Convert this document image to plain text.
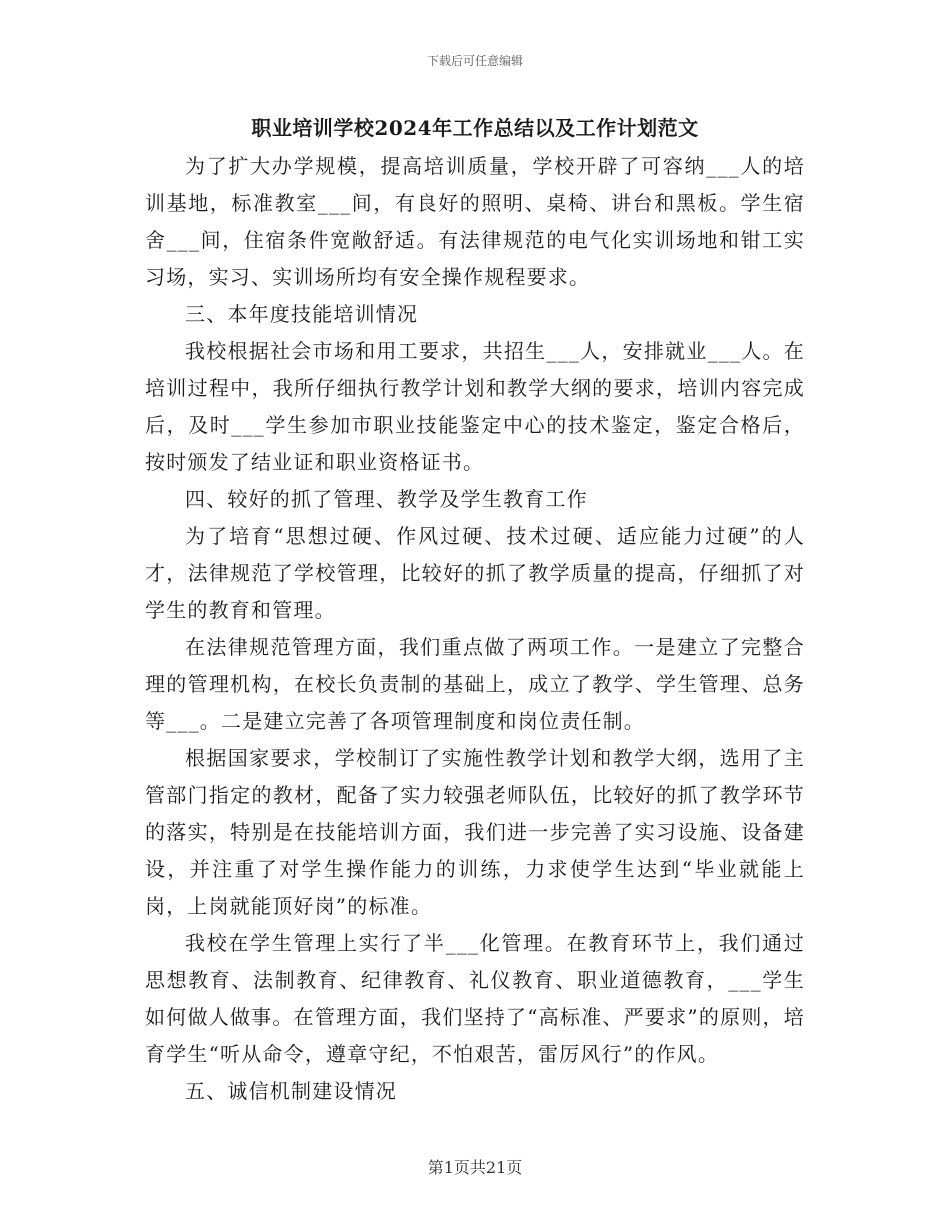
下载后可任意编辑
职业培训学校2024年工作总结以及工作计划范文

为了扩大办学规模，提高培训质量，学校开辟了可容纳___人的培训基地，标准教室___间，有良好的照明、桌椅、讲台和黑板。学生宿舍___间，住宿条件宽敞舒适。有法律规范的电气化实训场地和钳工实习场，实习、实训场所均有安全操作规程要求。

三、本年度技能培训情况

我校根据社会市场和用工要求，共招生___人，安排就业___人。在培训过程中，我所仔细执行教学计划和教学大纲的要求，培训内容完成后，及时___学生参加市职业技能鉴定中心的技术鉴定，鉴定合格后，按时颁发了结业证和职业资格证书。

四、较好的抓了管理、教学及学生教育工作

为了培育“思想过硬、作风过硬、技术过硬、适应能力过硬”的人才，法律规范了学校管理，比较好的抓了教学质量的提高，仔细抓了对学生的教育和管理。

在法律规范管理方面，我们重点做了两项工作。一是建立了完整合理的管理机构，在校长负责制的基础上，成立了教学、学生管理、总务等___。二是建立完善了各项管理制度和岗位责任制。

根据国家要求，学校制订了实施性教学计划和教学大纲，选用了主管部门指定的教材，配备了实力较强老师队伍，比较好的抓了教学环节的落实，特别是在技能培训方面，我们进一步完善了实习设施、设备建设，并注重了对学生操作能力的训练，力求使学生达到“毕业就能上岗，上岗就能顶好岗”的标准。

我校在学生管理上实行了半___化管理。在教育环节上，我们通过思想教育、法制教育、纪律教育、礼仪教育、职业道德教育，___学生如何做人做事。在管理方面，我们坚持了“高标准、严要求”的原则，培育学生“听从命令，遵章守纪，不怕艰苦，雷厉风行”的作风。

五、诚信机制建设情况

第1页共21页
